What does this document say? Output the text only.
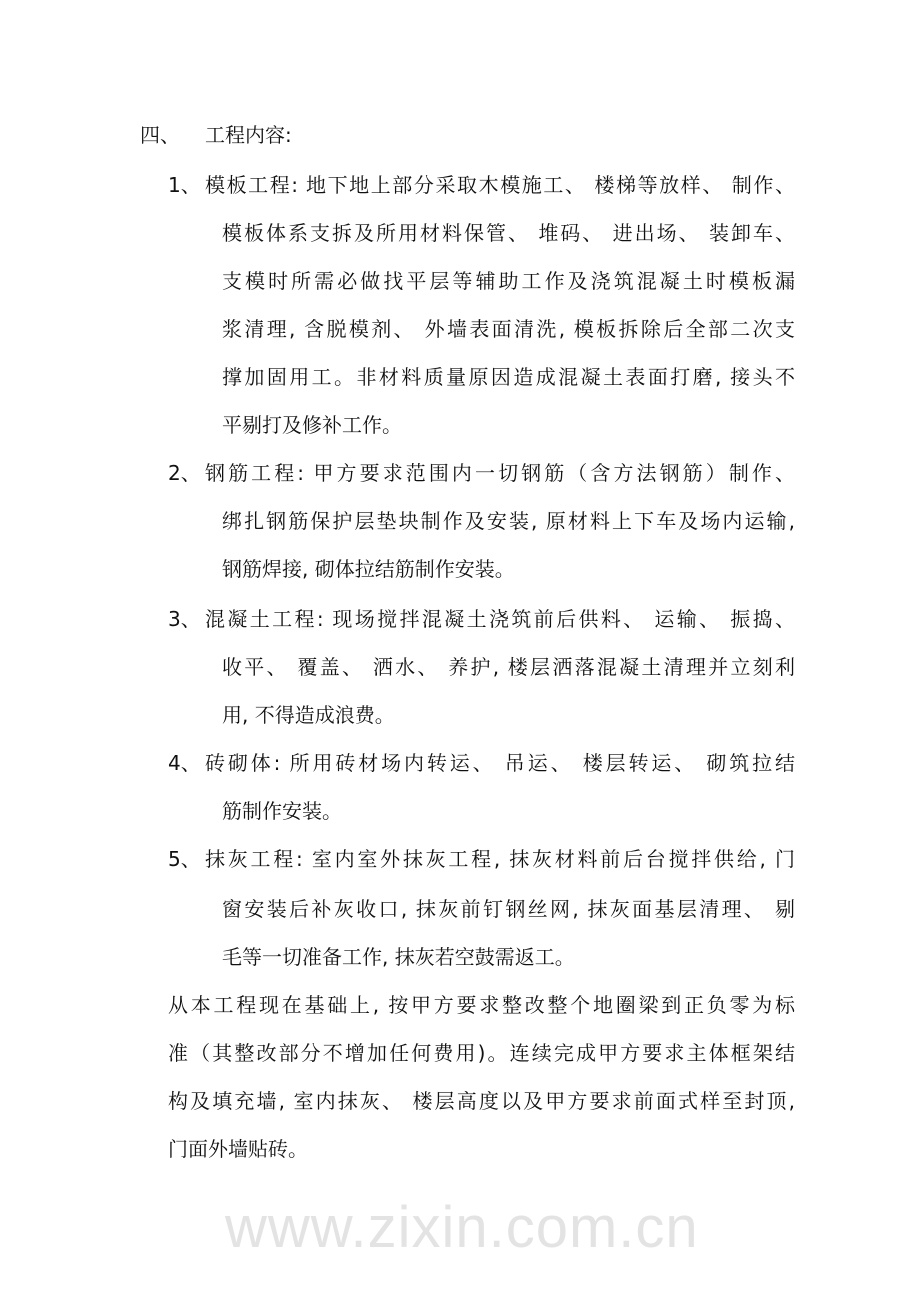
www.zixin.com.cn
四、 工程内容:
1、 模板工程: 地下地上部分采取木模施工、 楼梯等放样、 制作、
模板体系支拆及所用材料保管、 堆码、 进出场、 装卸车、
支模时所需必做找平层等辅助工作及浇筑混凝土时模板漏
浆清理, 含脱模剂、 外墙表面清洗, 模板拆除后全部二次支
撑加固用工。非材料质量原因造成混凝土表面打磨, 接头不
平剔打及修补工作。
2、 钢筋工程: 甲方要求范围内一切钢筋（含方法钢筋）制作、
绑扎钢筋保护层垫块制作及安装, 原材料上下车及场内运输,
钢筋焊接, 砌体拉结筋制作安装。
3、 混凝土工程: 现场搅拌混凝土浇筑前后供料、 运输、 振捣、
收平、 覆盖、 洒水、 养护, 楼层洒落混凝土清理并立刻利
用, 不得造成浪费。
4、 砖砌体: 所用砖材场内转运、 吊运、 楼层转运、 砌筑拉结
筋制作安装。
5、 抹灰工程: 室内室外抹灰工程, 抹灰材料前后台搅拌供给, 门
窗安装后补灰收口, 抹灰前钉钢丝网, 抹灰面基层清理、 剔
毛等一切准备工作, 抹灰若空鼓需返工。
从本工程现在基础上, 按甲方要求整改整个地圈梁到正负零为标
准（其整改部分不增加任何费用)。连续完成甲方要求主体框架结
构及填充墙, 室内抹灰、 楼层高度以及甲方要求前面式样至封顶,
门面外墙贴砖。
